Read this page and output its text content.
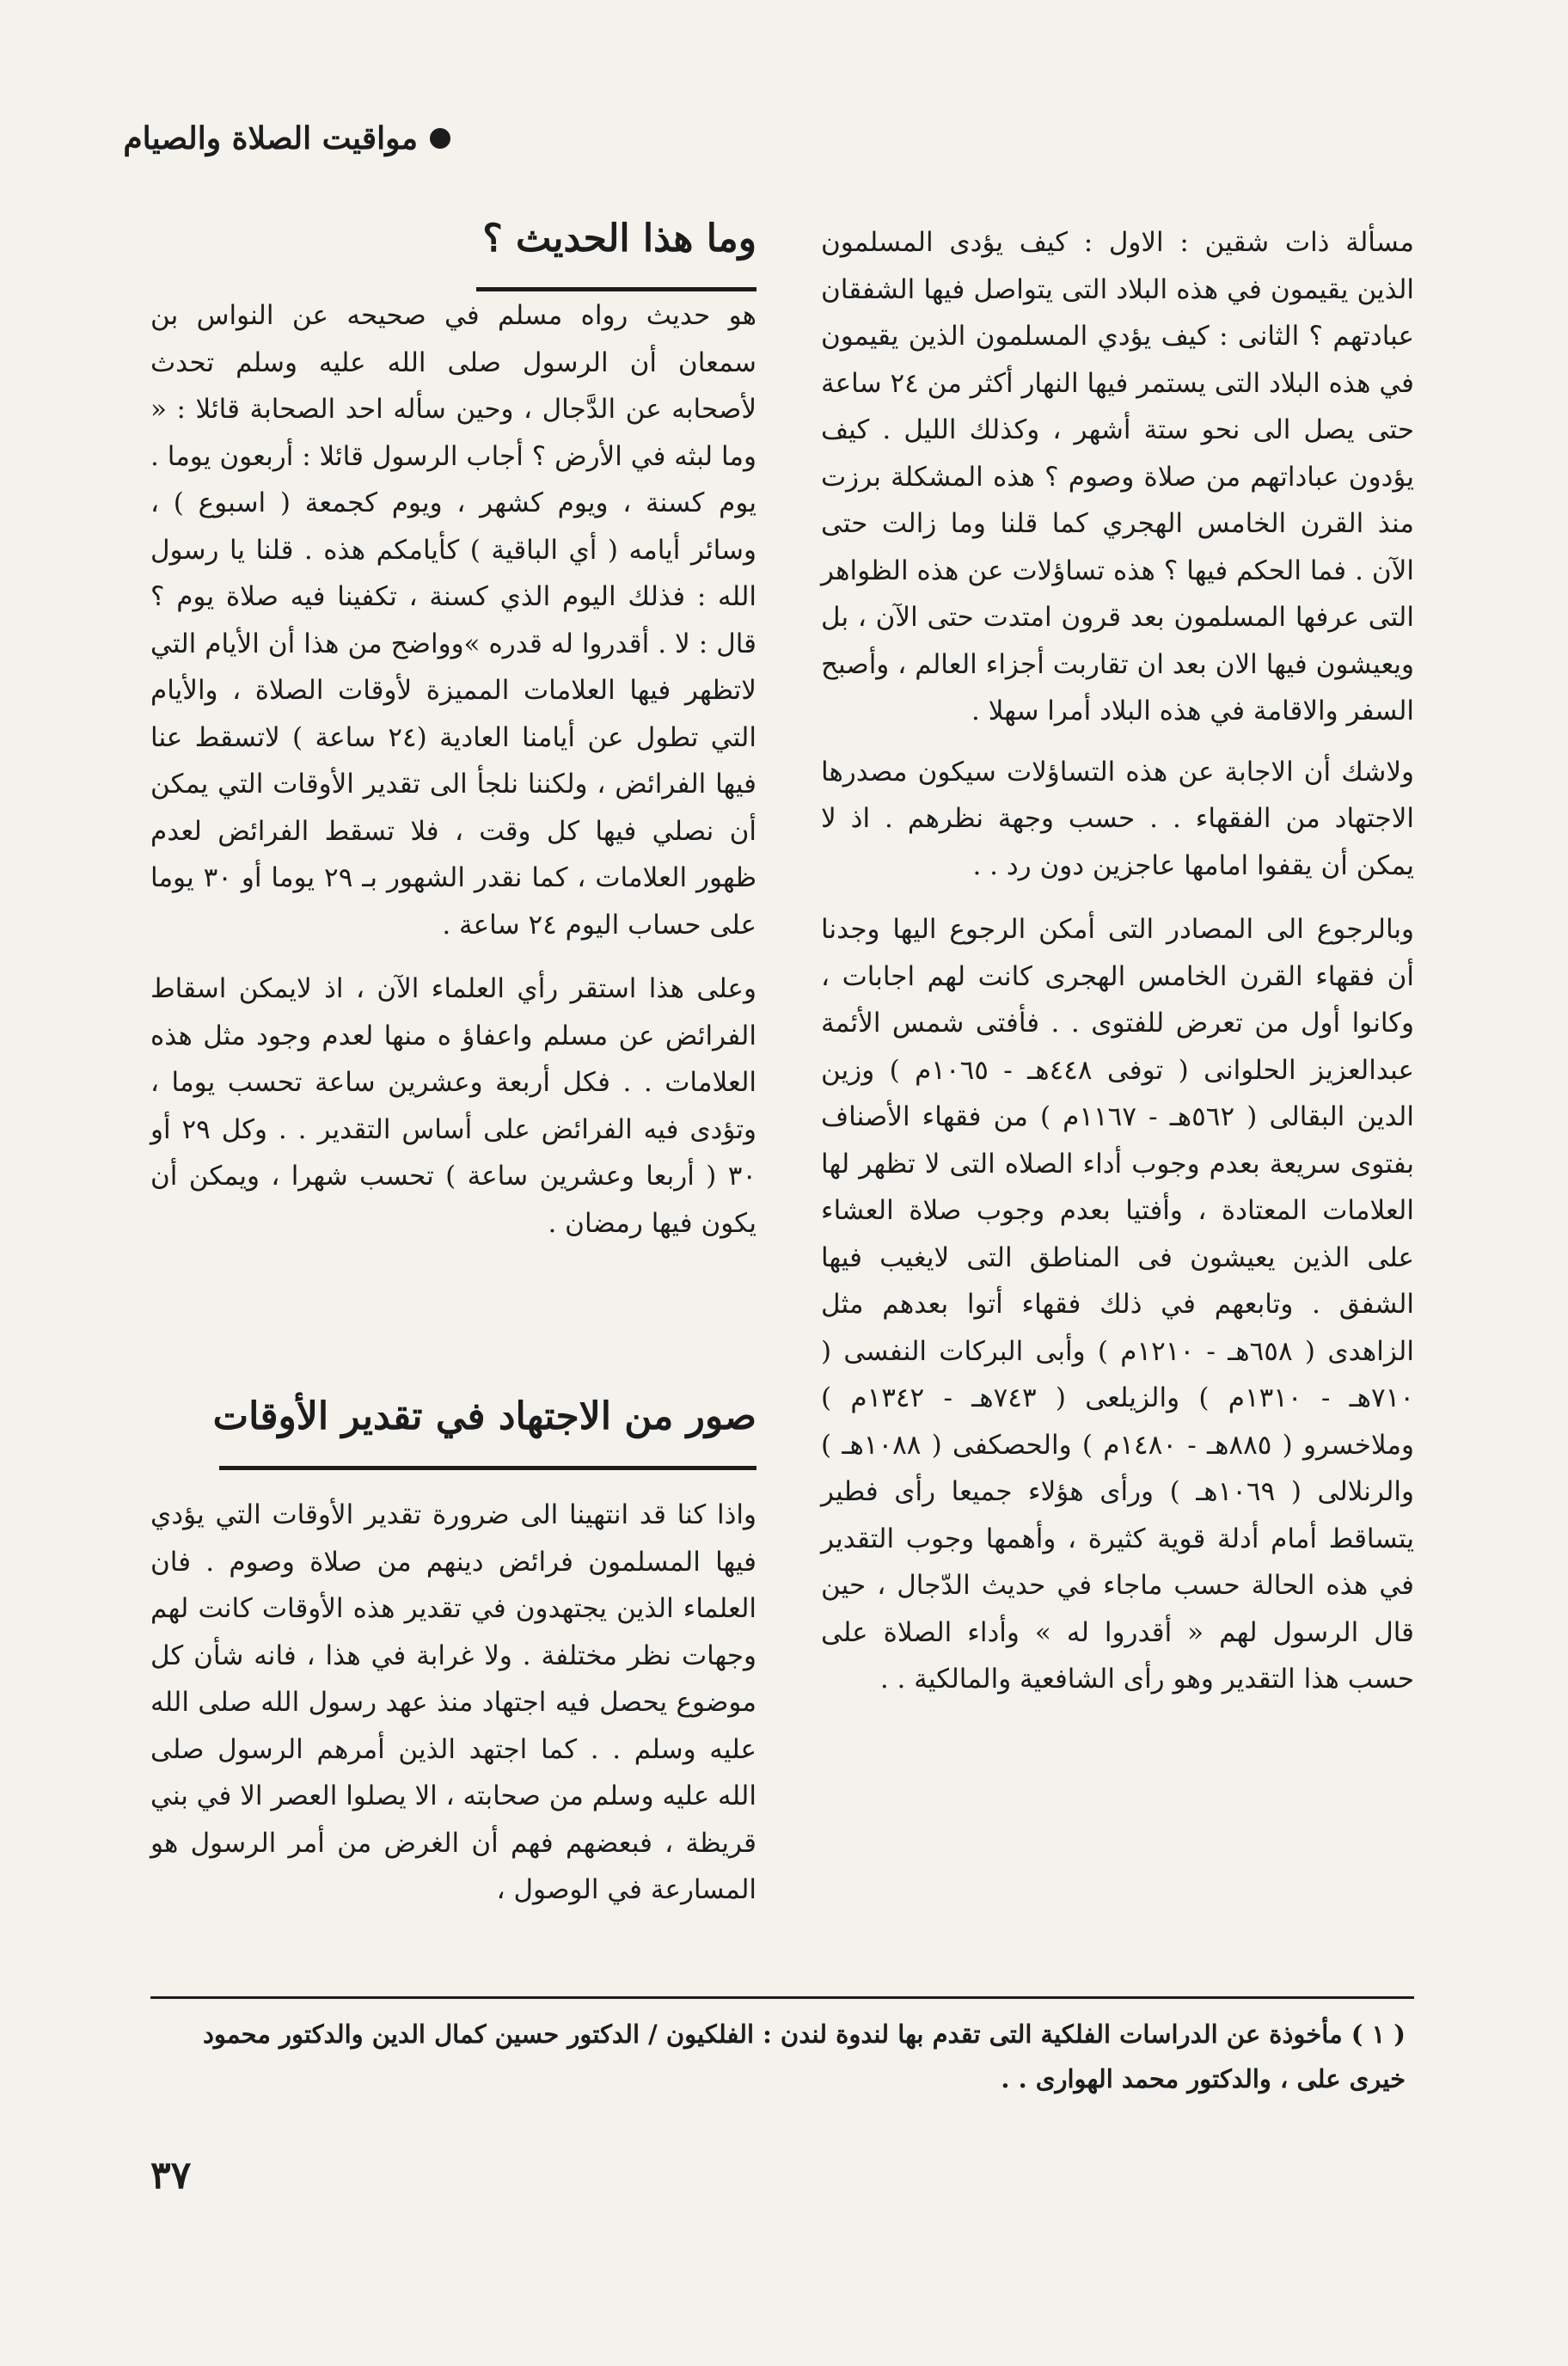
مواقيت الصلاة والصيام

مسألة ذات شقين : الاول : كيف يؤدى المسلمون الذين يقيمون في هذه البلاد التى يتواصل فيها الشفقان عبادتهم ؟ الثانى : كيف يؤدي المسلمون الذين يقيمون في هذه البلاد التى يستمر فيها النهار أكثر من ٢٤ ساعة حتى يصل الى نحو ستة أشهر ، وكذلك الليل . كيف يؤدون عباداتهم من صلاة وصوم ؟ هذه المشكلة برزت منذ القرن الخامس الهجري كما قلنا وما زالت حتى الآن . فما الحكم فيها ؟ هذه تساؤلات عن هذه الظواهر التى عرفها المسلمون بعد قرون امتدت حتى الآن ، بل ويعيشون فيها الان بعد ان تقاربت أجزاء العالم ، وأصبح السفر والاقامة في هذه البلاد أمرا سهلا .

ولاشك أن الاجابة عن هذه التساؤلات سيكون مصدرها الاجتهاد من الفقهاء . . حسب وجهة نظرهم . اذ لا يمكن أن يقفوا امامها عاجزين دون رد . .

وبالرجوع الى المصادر التى أمكن الرجوع اليها وجدنا أن فقهاء القرن الخامس الهجرى كانت لهم اجابات ، وكانوا أول من تعرض للفتوى . . فأفتى شمس الأئمة عبدالعزيز الحلوانى ( توفى ٤٤٨هـ - ١٠٦٥م ) وزين الدين البقالى ( ٥٦٢هـ - ١١٦٧م ) من فقهاء الأصناف بفتوى سريعة بعدم وجوب أداء الصلاه التى لا تظهر لها العلامات المعتادة ، وأفتيا بعدم وجوب صلاة العشاء على الذين يعيشون فى المناطق التى لايغيب فيها الشفق . وتابعهم في ذلك فقهاء أتوا بعدهم مثل الزاهدى ( ٦٥٨هـ - ١٢١٠م ) وأبى البركات النفسى ( ٧١٠هـ - ١٣١٠م ) والزيلعى ( ٧٤٣هـ - ١٣٤٢م ) وملاخسرو ( ٨٨٥هـ - ١٤٨٠م ) والحصكفى ( ١٠٨٨هـ ) والرنلالى ( ١٠٦٩هـ ) ورأى هؤلاء جميعا رأى فطير يتساقط أمام أدلة قوية كثيرة ، وأهمها وجوب التقدير في هذه الحالة حسب ماجاء في حديث الدّجال ، حين قال الرسول لهم « أقدروا له » وأداء الصلاة على حسب هذا التقدير وهو رأى الشافعية والمالكية . .

وما هذا الحديث ؟

هو حديث رواه مسلم في صحيحه عن النواس بن سمعان أن الرسول صلى الله عليه وسلم تحدث لأصحابه عن الدَّجال ، وحين سأله احد الصحابة قائلا : « وما لبثه في الأرض ؟ أجاب الرسول قائلا : أربعون يوما . يوم كسنة ، ويوم كشهر ، ويوم كجمعة ( اسبوع ) ، وسائر أيامه ( أي الباقية ) كأيامكم هذه . قلنا يا رسول الله : فذلك اليوم الذي كسنة ، تكفينا فيه صلاة يوم ؟ قال : لا . أقدروا له قدره »وواضح من هذا أن الأيام التي لاتظهر فيها العلامات المميزة لأوقات الصلاة ، والأيام التي تطول عن أيامنا العادية (٢٤ ساعة ) لاتسقط عنا فيها الفرائض ، ولكننا نلجأ الى تقدير الأوقات التي يمكن أن نصلي فيها كل وقت ، فلا تسقط الفرائض لعدم ظهور العلامات ، كما نقدر الشهور بـ ٢٩ يوما أو ٣٠ يوما على حساب اليوم ٢٤ ساعة .

وعلى هذا استقر رأي العلماء الآن ، اذ لايمكن اسقاط الفرائض عن مسلم واعفاؤ ه منها لعدم وجود مثل هذه العلامات . . فكل أربعة وعشرين ساعة تحسب يوما ، وتؤدى فيه الفرائض على أساس التقدير . . وكل ٢٩ أو ٣٠ ( أربعا وعشرين ساعة ) تحسب شهرا ، ويمكن أن يكون فيها رمضان .

صور من الاجتهاد في تقدير الأوقات

واذا كنا قد انتهينا الى ضرورة تقدير الأوقات التي يؤدي فيها المسلمون فرائض دينهم من صلاة وصوم . فان العلماء الذين يجتهدون في تقدير هذه الأوقات كانت لهم وجهات نظر مختلفة . ولا غرابة في هذا ، فانه شأن كل موضوع يحصل فيه اجتهاد منذ عهد رسول الله صلى الله عليه وسلم . . كما اجتهد الذين أمرهم الرسول صلى الله عليه وسلم من صحابته ، الا يصلوا العصر الا في بني قريظة ، فبعضهم فهم أن الغرض من أمر الرسول هو المسارعة في الوصول ،

( ١ ) مأخوذة عن الدراسات الفلكية التى تقدم بها لندوة لندن : الفلكيون / الدكتور حسين كمال الدين والدكتور محمود خيرى على ، والدكتور محمد الهوارى . .
٣٧
